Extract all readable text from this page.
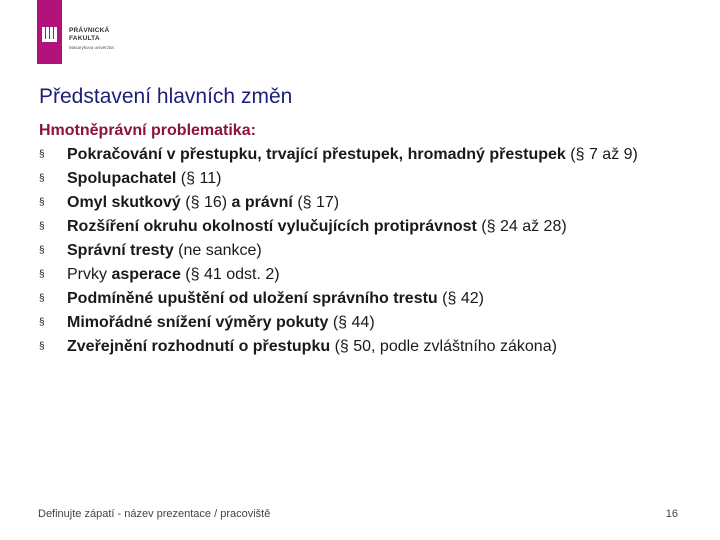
PRÁVNICKÁ
FAKULTA
Masarykova univerzita
Představení hlavních změn
Hmotněprávní problematika:
§	Pokračování v přestupku, trvající přestupek, hromadný přestupek (§ 7 až 9)
§	Spolupachatel (§ 11)
§	Omyl skutkový (§ 16) a právní (§ 17)
§	Rozšíření okruhu okolností vylučujících protiprávnost (§ 24 až 28)
§	Správní tresty (ne sankce)
§	Prvky asperace (§ 41 odst. 2)
§	Podmíněné upuštění od uložení správního trestu (§ 42)
§	Mimořádné snížení výměry pokuty (§ 44)
§	Zveřejnění rozhodnutí o přestupku (§ 50, podle zvláštního zákona)
Definujte zápatí - název prezentace / pracoviště	16
